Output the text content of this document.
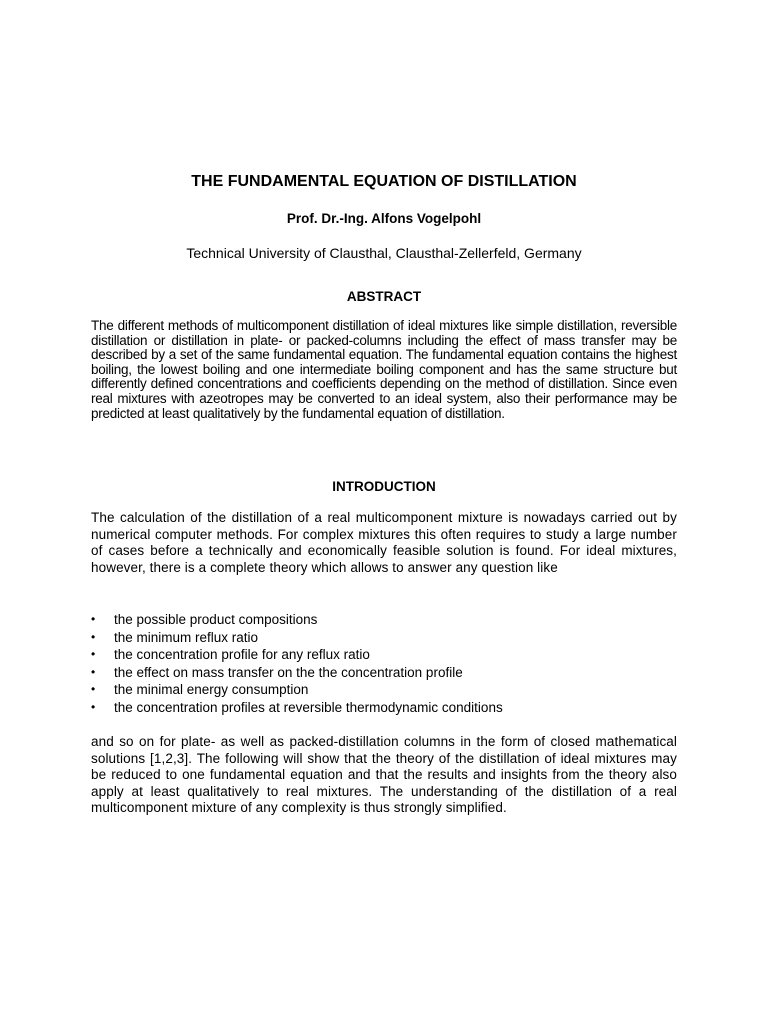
THE FUNDAMENTAL EQUATION OF DISTILLATION
Prof. Dr.-Ing. Alfons Vogelpohl
Technical University of Clausthal, Clausthal-Zellerfeld, Germany
ABSTRACT

The different methods of multicomponent distillation of ideal mixtures like simple distillation, reversible distillation or distillation in plate- or packed-columns including the effect of mass transfer may be described by a set of the same fundamental equation. The fundamental equation contains the highest boiling, the lowest boiling and one intermediate boiling component and has the same structure but differently defined concentrations and coefficients depending on the method of distillation. Since even real mixtures with azeotropes may be converted to an ideal system, also their performance may be predicted at least qualitatively by the fundamental equation of distillation.

INTRODUCTION

The calculation of the distillation of a real multicomponent mixture is nowadays carried out by numerical computer methods. For complex mixtures this often requires to study a large number of cases before a technically and economically feasible solution is found. For ideal mixtures, however, there is a complete theory which allows to answer any question like

• the possible product compositions
• the minimum reflux ratio
• the concentration profile for any reflux ratio
• the effect on mass transfer on the the concentration profile
• the minimal energy consumption
• the concentration profiles at reversible thermodynamic conditions

and so on for plate- as well as packed-distillation columns in the form of closed mathematical solutions [1,2,3]. The following will show that the theory of the distillation of ideal mixtures may be reduced to one fundamental equation and that the results and insights from the theory also apply at least qualitatively to real mixtures. The understanding of the distillation of a real multicomponent mixture of any complexity is thus strongly simplified.
